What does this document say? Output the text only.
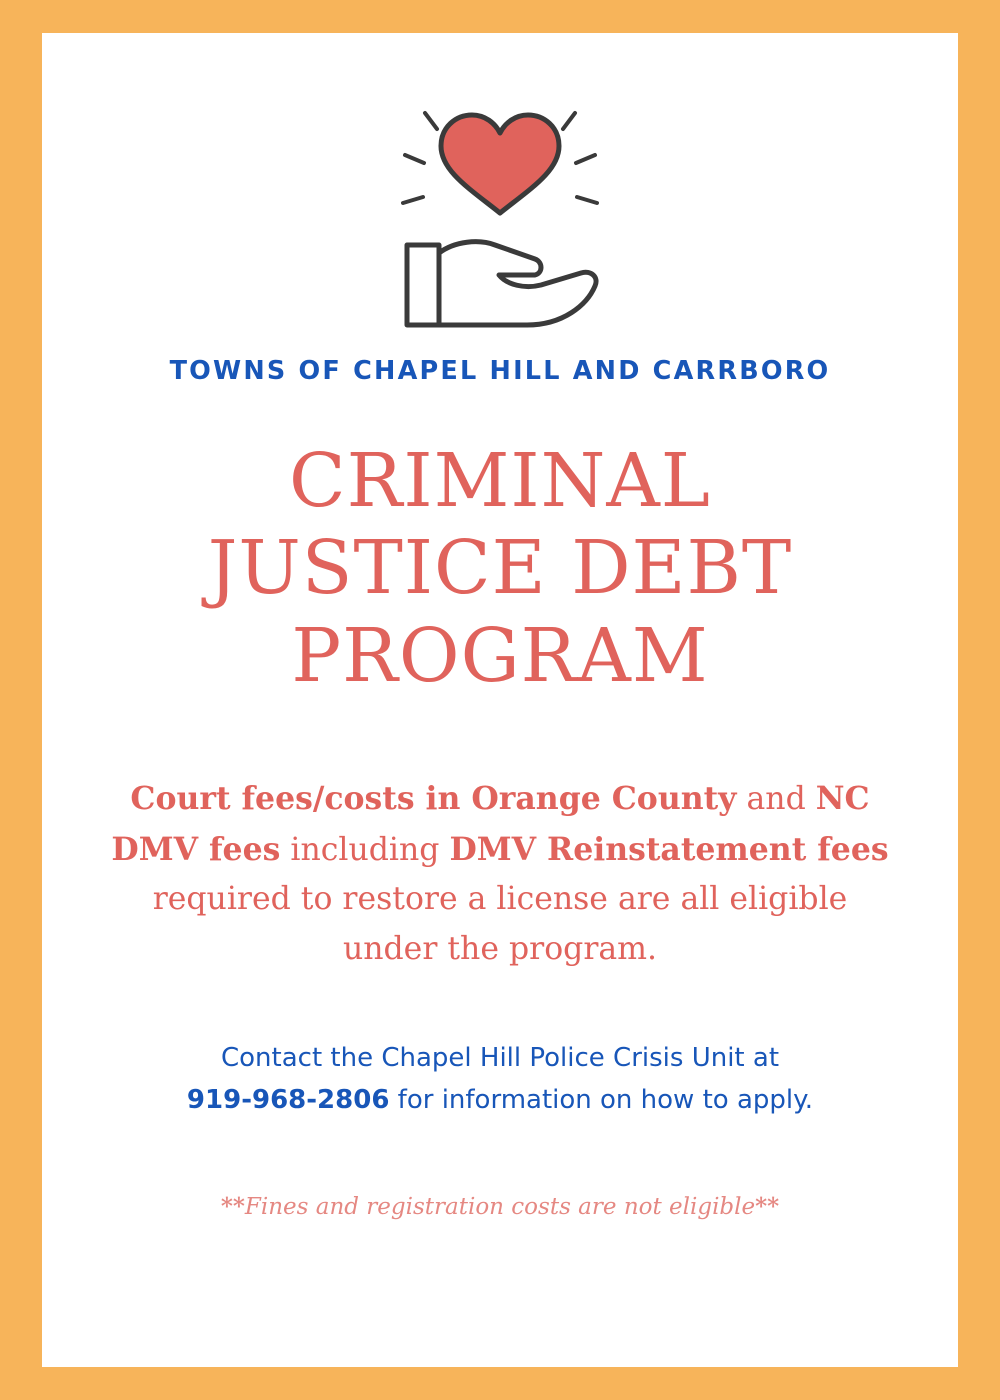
TOWNS OF CHAPEL HILL AND CARRBORO
CRIMINAL
JUSTICE DEBT
PROGRAM
Court fees/costs in Orange County and NC DMV fees including DMV Reinstatement fees required to restore a license are all eligible under the program.
Contact the Chapel Hill Police Crisis Unit at
919-968-2806 for information on how to apply.
**Fines and registration costs are not eligible**
